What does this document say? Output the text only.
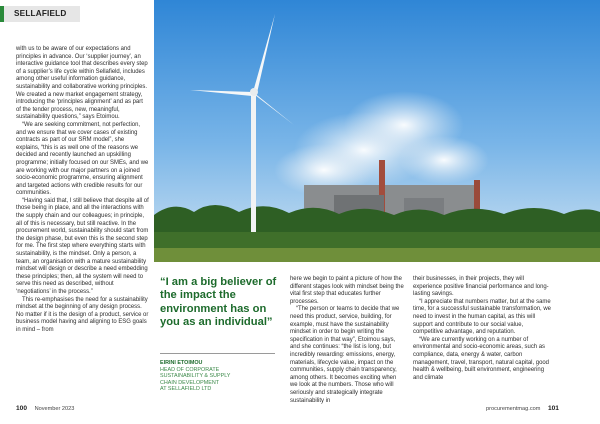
SELLAFIELD

with us to be aware of our expectations and principles in advance. Our ‘supplier journey’, an interactive guidance tool that describes every step of a supplier’s life cycle within Sellafield, includes among other useful information guidance, sustainability and collaborative working principles. We created a new market engagement strategy, introducing the ‘principles alignment’ and as part of the tender process, new, meaningful, sustainability questions,” says Etoimou.

“We are seeking commitment, not perfection, and we ensure that we cover cases of existing contracts as part of our SRM model”, she explains, “this is as well one of the reasons we decided and recently launched an upskilling programme; initially focused on our SMEs, and we are working with our major partners on a joined socio-economic programme, ensuring alignment and targeted actions with credible results for our communities.

“Having said that, I still believe that despite all of those being in place, and all the interactions with the supply chain and our colleagues; in principle, all of this is necessary, but still reactive. In the procurement world, sustainability should start from the design phase, but even this is the second step for me. The first step where everything starts with sustainability, is the mindset. Only a person, a team, an organisation with a mature sustainability mindset will design or describe a need embedding these principles; then, all the system will need to serve this need as described, without ‘negotiations’ in the process.”

This re-emphasises the need for a sustainability mindset at the beginning of any design process. No matter if it is the design of a product, service or business model having and aligning to ESG goals in mind – from

“I am a big believer of the impact the environment has on you as an individual”
EIRINI ETOIMOU
HEAD OF CORPORATE
SUSTAINABILITY & SUPPLY
CHAIN DEVELOPMENT
AT SELLAFIELD LTD

here we begin to paint a picture of how the different stages look with mindset being the vital first step that educates further processes.

“The person or teams to decide that we need this product, service, building, for example, must have the sustainability mindset in order to begin writing the specification in that way”, Etoimou says, and she continues: “the list is long, but incredibly rewarding: emissions, energy, materials, lifecycle value, impact on the communities, supply chain transparency, among others. It becomes exciting when we look at the numbers. Those who will seriously and strategically integrate sustainability in

their businesses, in their projects, they will experience positive financial performance and long-lasting savings.

“I appreciate that numbers matter, but at the same time, for a successful sustainable transformation, we need to invest in the human capital, as this will support and contribute to our social value, competitive advantage, and reputation.

“We are currently working on a number of environmental and socio-economic areas, such as compliance, data, energy & water, carbon management, travel, transport, natural capital, good health & wellbeing, built environment, engineering and climate

100 November 2023	procurementmag.com 101
